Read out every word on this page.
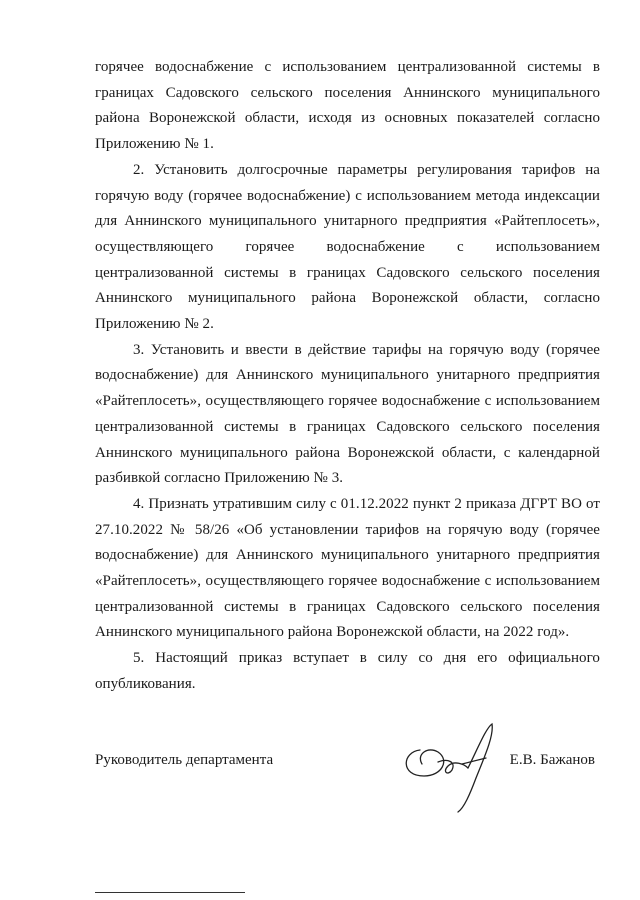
горячее водоснабжение с использованием централизованной системы в границах Садовского сельского поселения Аннинского муниципального района Воронежской области, исходя из основных показателей согласно Приложению № 1.

2. Установить долгосрочные параметры регулирования тарифов на горячую воду (горячее водоснабжение) с использованием метода индексации для Аннинского муниципального унитарного предприятия «Райтеплосеть», осуществляющего горячее водоснабжение с использованием централизованной системы в границах Садовского сельского поселения Аннинского муниципального района Воронежской области, согласно Приложению № 2.

3. Установить и ввести в действие тарифы на горячую воду (горячее водоснабжение) для Аннинского муниципального унитарного предприятия «Райтеплосеть», осуществляющего горячее водоснабжение с использованием централизованной системы в границах Садовского сельского поселения Аннинского муниципального района Воронежской области, с календарной разбивкой согласно Приложению № 3.

4. Признать утратившим силу с 01.12.2022 пункт 2 приказа ДГРТ ВО от 27.10.2022 № 58/26 «Об установлении тарифов на горячую воду (горячее водоснабжение) для Аннинского муниципального унитарного предприятия «Райтеплосеть», осуществляющего горячее водоснабжение с использованием централизованной системы в границах Садовского сельского поселения Аннинского муниципального района Воронежской области, на 2022 год».

5. Настоящий приказ вступает в силу со дня его официального опубликования.

Руководитель департамента	Е.В. Бажанов
